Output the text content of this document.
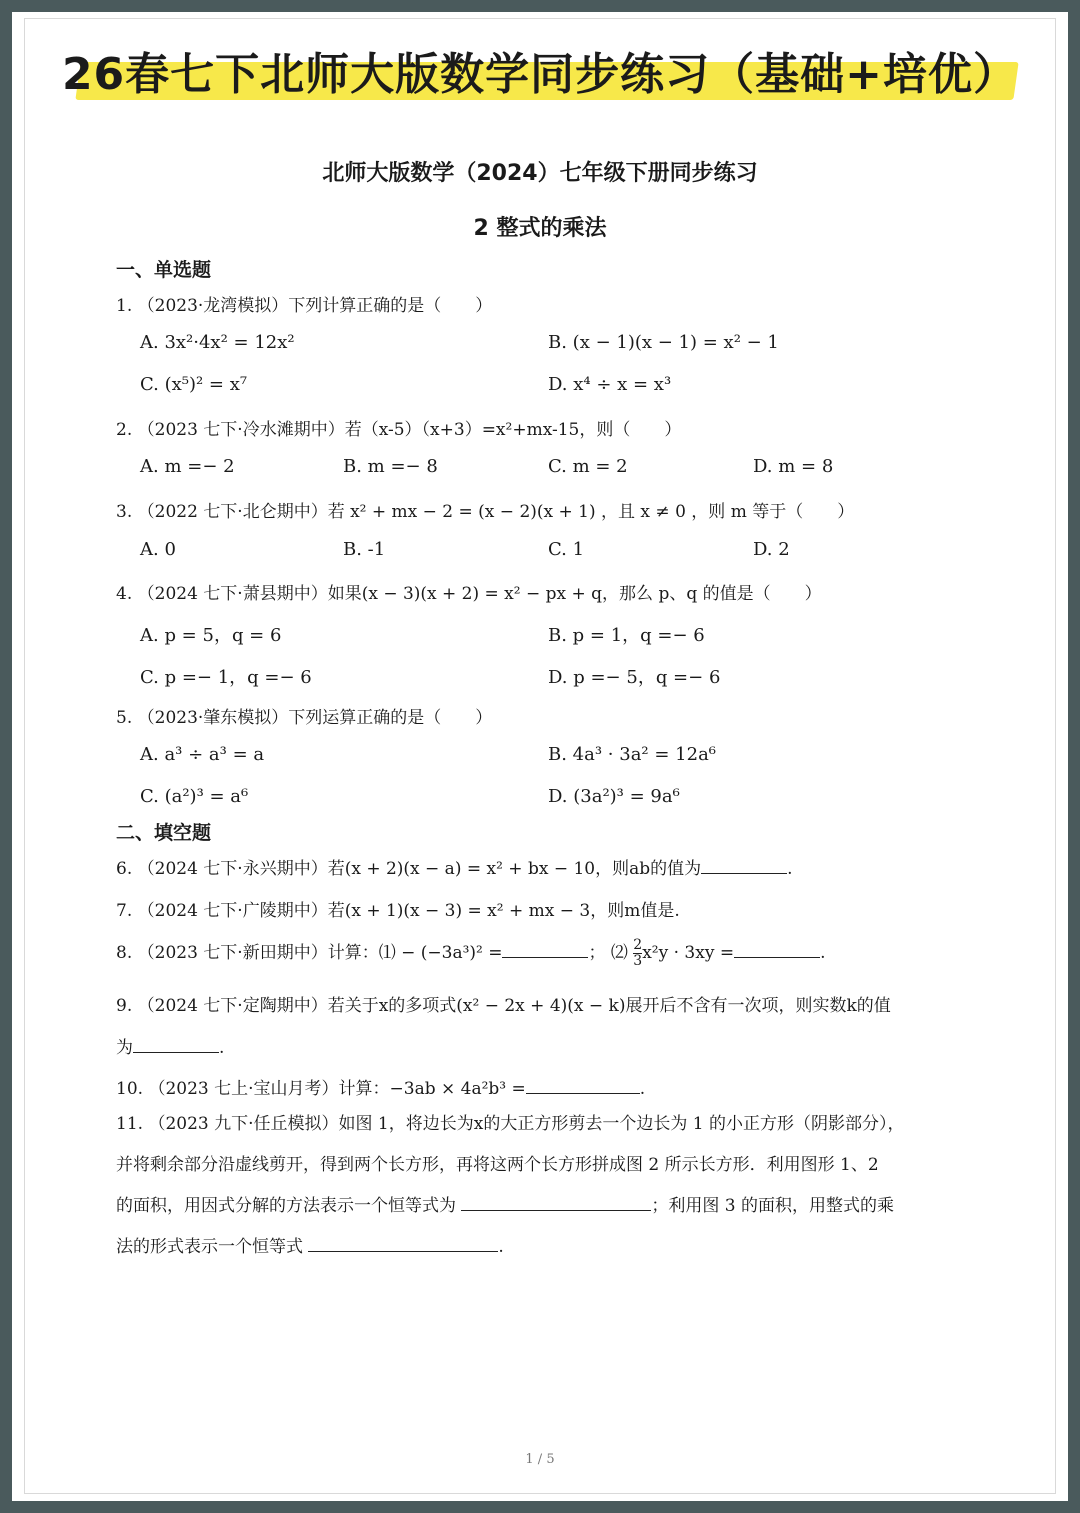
26春七下北师大版数学同步练习（基础+培优）
北师大版数学（2024）七年级下册同步练习
2 整式的乘法
一、单选题
1. （2023·龙湾模拟）下列计算正确的是（　　）
A. 3x²·4x² = 12x²	B. (x − 1)(x − 1) = x² − 1
C. (x⁵)² = x⁷	D. x⁴ ÷ x = x³
2. （2023 七下·冷水滩期中）若（x-5）（x+3）=x²+mx-15，则（　　）
A. m =− 2	B. m =− 8	C. m = 2	D. m = 8
3. （2022 七下·北仑期中）若 x² + mx − 2 = (x − 2)(x + 1) ，且 x ≠ 0 ，则 m 等于（　　）
A. 0	B. -1	C. 1	D. 2
4. （2024 七下·萧县期中）如果(x − 3)(x + 2) = x² − px + q，那么 p、q 的值是（　　）
A. p = 5，q = 6	B. p = 1，q =− 6
C. p =− 1，q =− 6	D. p =− 5，q =− 6
5. （2023·肇东模拟）下列运算正确的是（　　）
A. a³ ÷ a³ = a	B. 4a³ · 3a² = 12a⁶
C. (a²)³ = a⁶	D. (3a²)³ = 9a⁶
二、填空题
6. （2024 七下·永兴期中）若(x + 2)(x − a) = x² + bx − 10，则ab的值为	.
7. （2024 七下·广陵期中）若(x + 1)(x − 3) = x² + mx − 3，则m值是.
8. （2023 七下·新田期中）计算：⑴ − (−3a³)² =	； ⑵ $\frac{2}{3} x^2y \cdot 3xy$ =	.
9. （2024 七下·定陶期中）若关于x的多项式(x² − 2x + 4)(x − k)展开后不含有一次项，则实数k的值
为	.
10. （2023 七上·宝山月考）计算：−3ab × 4a²b³ =	.
11. （2023 九下·任丘模拟）如图 1，将边长为x的大正方形剪去一个边长为 1 的小正方形（阴影部分），
并将剩余部分沿虚线剪开，得到两个长方形，再将这两个长方形拼成图 2 所示长方形．利用图形 1、2
的面积，用因式分解的方法表示一个恒等式为	；利用图 3 的面积，用整式的乘
法的形式表示一个恒等式	.
1 / 5
